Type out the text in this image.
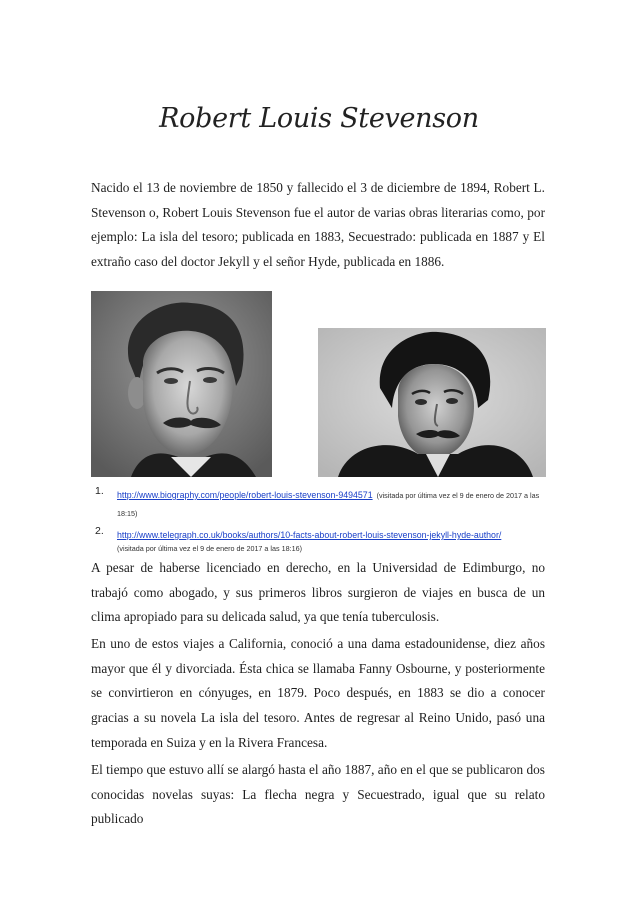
Robert Louis Stevenson

Nacido el 13 de noviembre de 1850 y fallecido el 3 de diciembre de 1894, Robert L. Stevenson o, Robert Louis Stevenson fue el autor de varias obras literarias como, por ejemplo: La isla del tesoro; publicada en 1883, Secuestrado: publicada en 1887 y El extraño caso del doctor Jekyll y el señor Hyde, publicada en 1886.

1. http://www.biography.com/people/robert-louis-stevenson-9494571 (visitada por última vez el 9 de enero de 2017 a las 18:15)
2. http://www.telegraph.co.uk/books/authors/10-facts-about-robert-louis-stevenson-jekyll-hyde-author/
(visitada por última vez el 9 de enero de 2017 a las 18:16)

A pesar de haberse licenciado en derecho, en la Universidad de Edimburgo, no trabajó como abogado, y sus primeros libros surgieron de viajes en busca de un clima apropiado para su delicada salud, ya que tenía tuberculosis.

En uno de estos viajes a California, conoció a una dama estadounidense, diez años mayor que él y divorciada. Ésta chica se llamaba Fanny Osbourne, y posteriormente se convirtieron en cónyuges, en 1879. Poco después, en 1883 se dio a conocer gracias a su novela La isla del tesoro. Antes de regresar al Reino Unido, pasó una temporada en Suiza y en la Rivera Francesa.

El tiempo que estuvo allí se alargó hasta el año 1887, año en el que se publicaron dos conocidas novelas suyas: La flecha negra y Secuestrado, igual que su relato publicado
